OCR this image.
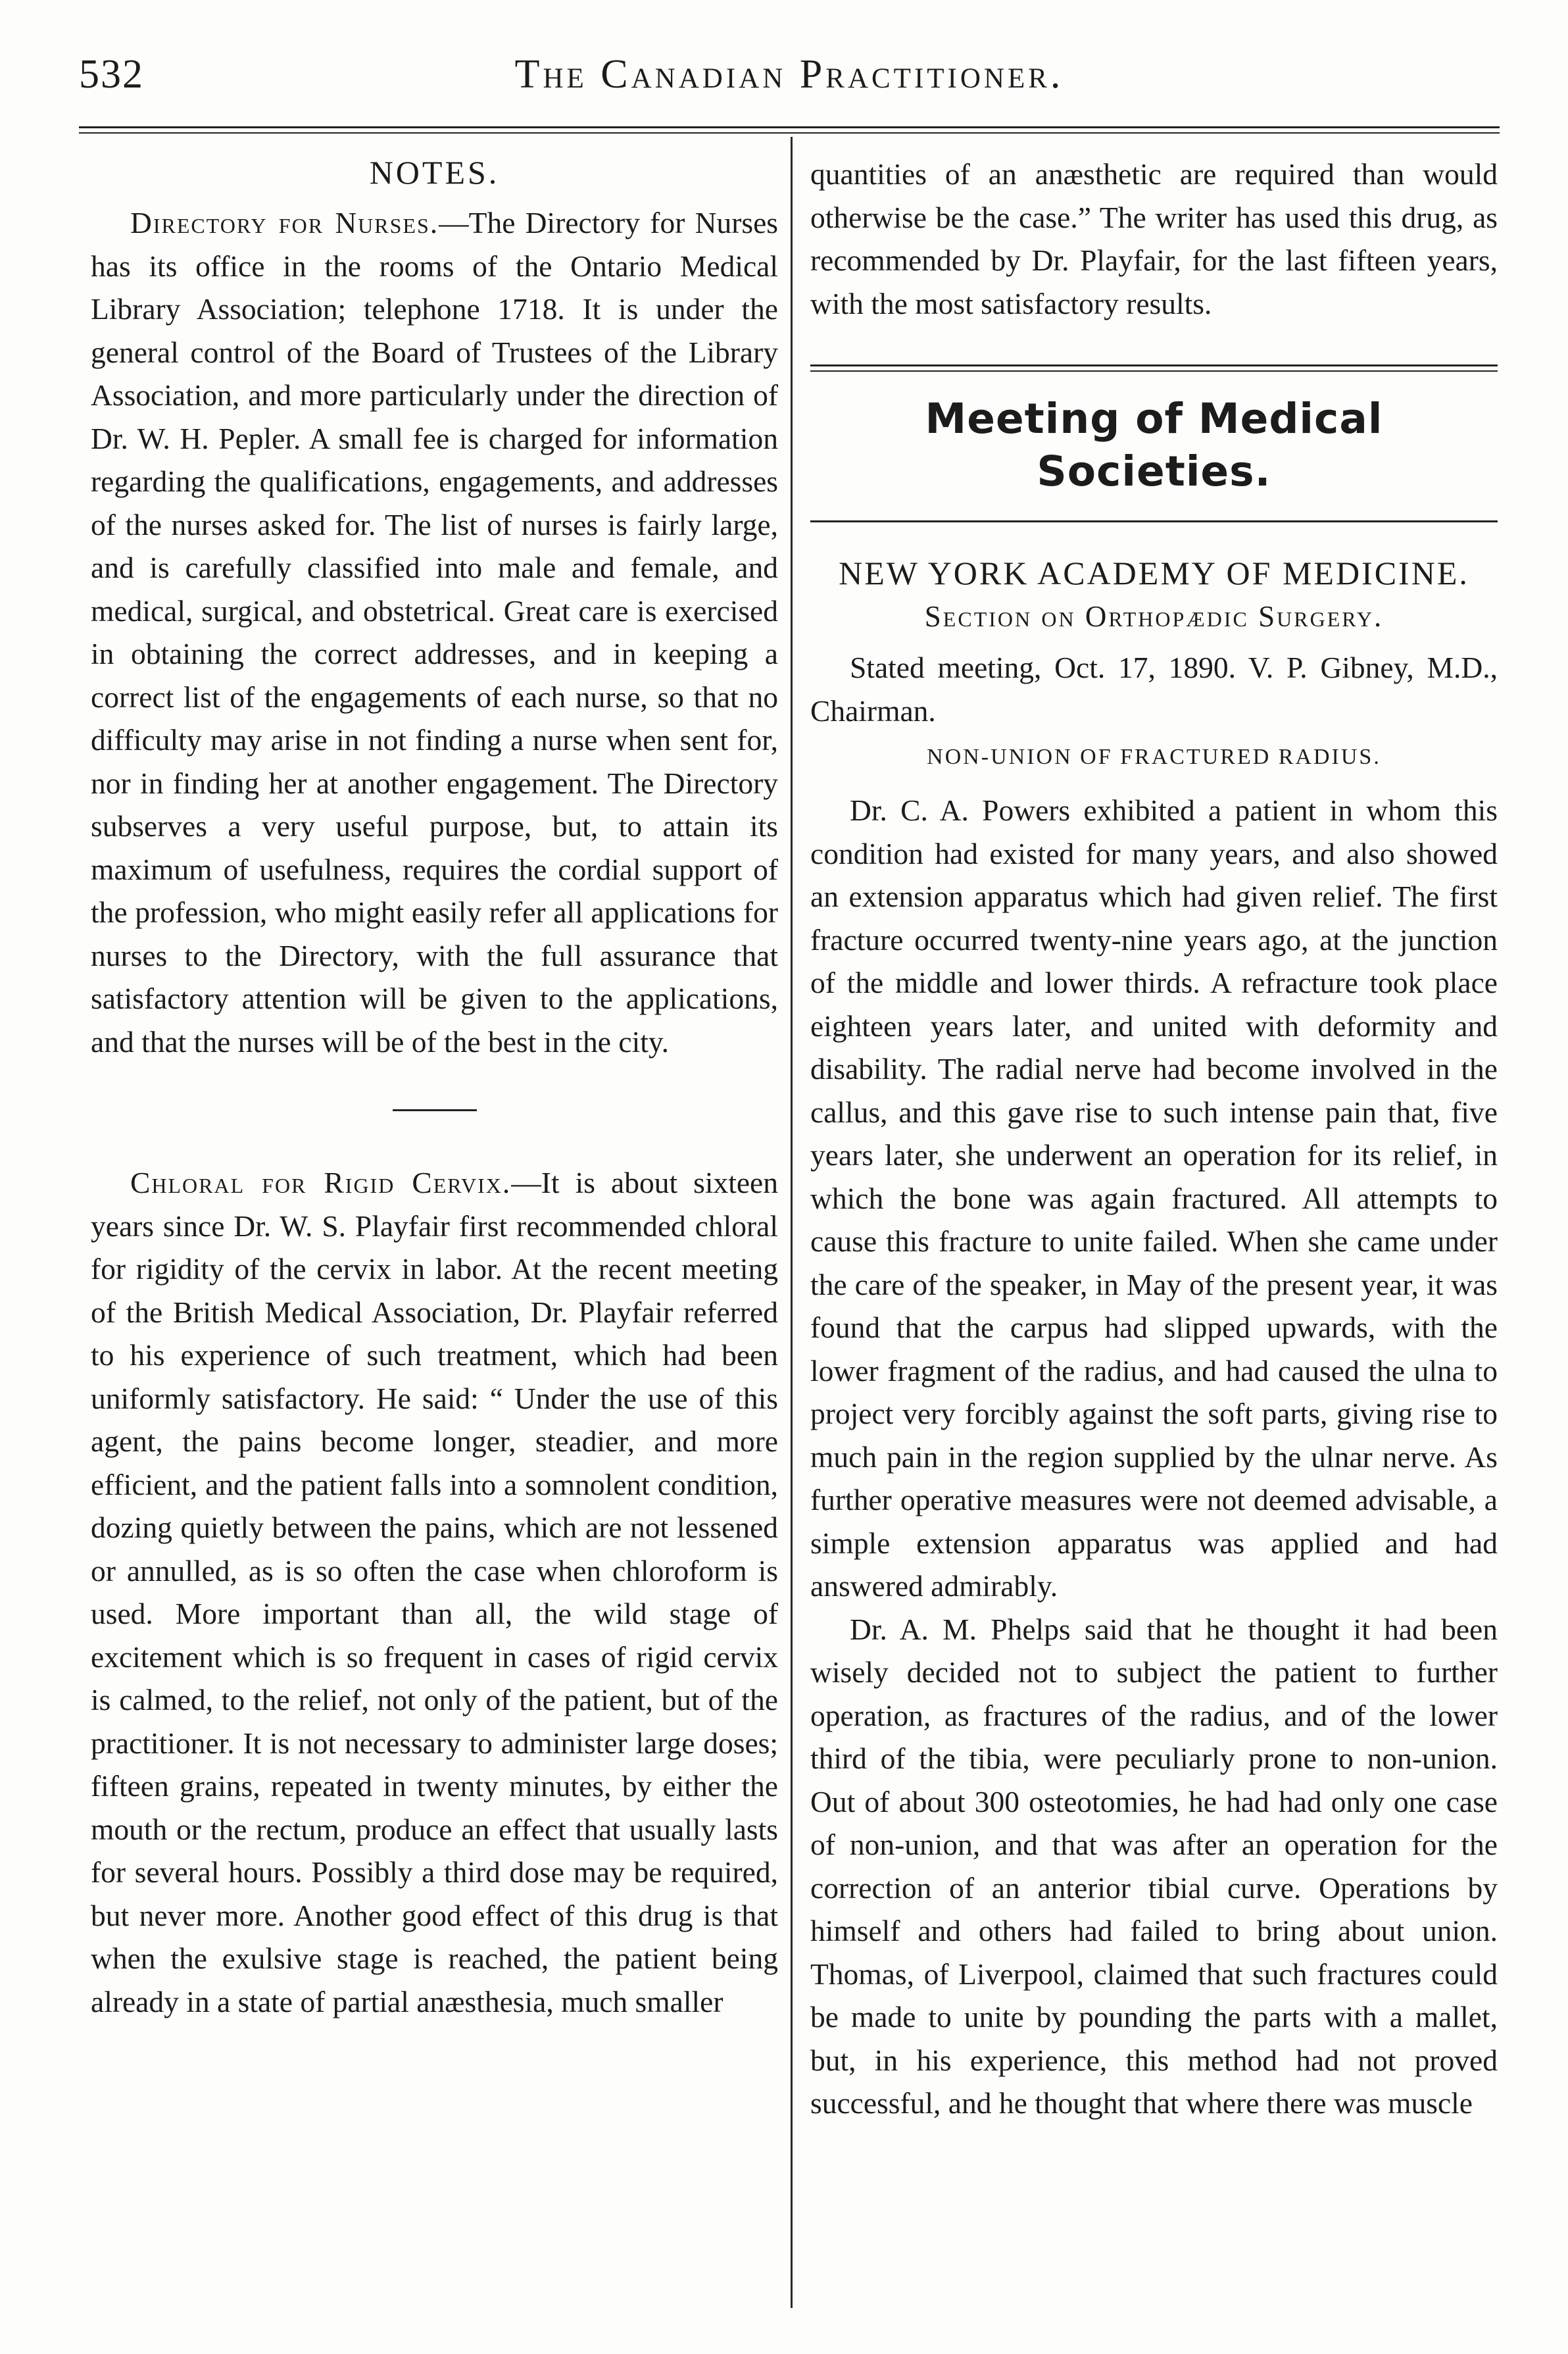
532	The Canadian Practitioner.
NOTES.

Directory for Nurses.—The Directory for Nurses has its office in the rooms of the Ontario Medical Library Association; telephone 1718. It is under the general control of the Board of Trustees of the Library Association, and more particularly under the direction of Dr. W. H. Pepler. A small fee is charged for information regarding the qualifications, engagements, and addresses of the nurses asked for. The list of nurses is fairly large, and is carefully classified into male and female, and medical, surgical, and obstetrical. Great care is exercised in obtaining the correct addresses, and in keeping a correct list of the engagements of each nurse, so that no difficulty may arise in not finding a nurse when sent for, nor in finding her at another engagement. The Directory subserves a very useful purpose, but, to attain its maximum of usefulness, requires the cordial support of the profession, who might easily refer all applications for nurses to the Directory, with the full assurance that satisfactory attention will be given to the applications, and that the nurses will be of the best in the city.

Chloral for Rigid Cervix.—It is about sixteen years since Dr. W. S. Playfair first recommended chloral for rigidity of the cervix in labor. At the recent meeting of the British Medical Association, Dr. Playfair referred to his experience of such treatment, which had been uniformly satisfactory. He said: “ Under the use of this agent, the pains become longer, steadier, and more efficient, and the patient falls into a somnolent condition, dozing quietly between the pains, which are not lessened or annulled, as is so often the case when chloroform is used. More important than all, the wild stage of excitement which is so frequent in cases of rigid cervix is calmed, to the relief, not only of the patient, but of the practitioner. It is not necessary to administer large doses; fifteen grains, repeated in twenty minutes, by either the mouth or the rectum, produce an effect that usually lasts for several hours. Possibly a third dose may be required, but never more. Another good effect of this drug is that when the exulsive stage is reached, the patient being already in a state of partial anæsthesia, much smaller

quantities of an anæsthetic are required than would otherwise be the case.” The writer has used this drug, as recommended by Dr. Playfair, for the last fifteen years, with the most satisfactory results.

Meeting of Medical Societies.
NEW YORK ACADEMY OF MEDICINE.
Section on Orthopædic Surgery.

Stated meeting, Oct. 17, 1890. V. P. Gibney, M.D., Chairman.

NON-UNION OF FRACTURED RADIUS.

Dr. C. A. Powers exhibited a patient in whom this condition had existed for many years, and also showed an extension apparatus which had given relief. The first fracture occurred twenty-nine years ago, at the junction of the middle and lower thirds. A refracture took place eighteen years later, and united with deformity and disability. The radial nerve had become involved in the callus, and this gave rise to such intense pain that, five years later, she underwent an operation for its relief, in which the bone was again fractured. All attempts to cause this fracture to unite failed. When she came under the care of the speaker, in May of the present year, it was found that the carpus had slipped upwards, with the lower fragment of the radius, and had caused the ulna to project very forcibly against the soft parts, giving rise to much pain in the region supplied by the ulnar nerve. As further operative measures were not deemed advisable, a simple extension apparatus was applied and had answered admirably.

Dr. A. M. Phelps said that he thought it had been wisely decided not to subject the patient to further operation, as fractures of the radius, and of the lower third of the tibia, were peculiarly prone to non-union. Out of about 300 osteotomies, he had had only one case of non-union, and that was after an operation for the correction of an anterior tibial curve. Operations by himself and others had failed to bring about union. Thomas, of Liverpool, claimed that such fractures could be made to unite by pounding the parts with a mallet, but, in his experience, this method had not proved successful, and he thought that where there was muscle
